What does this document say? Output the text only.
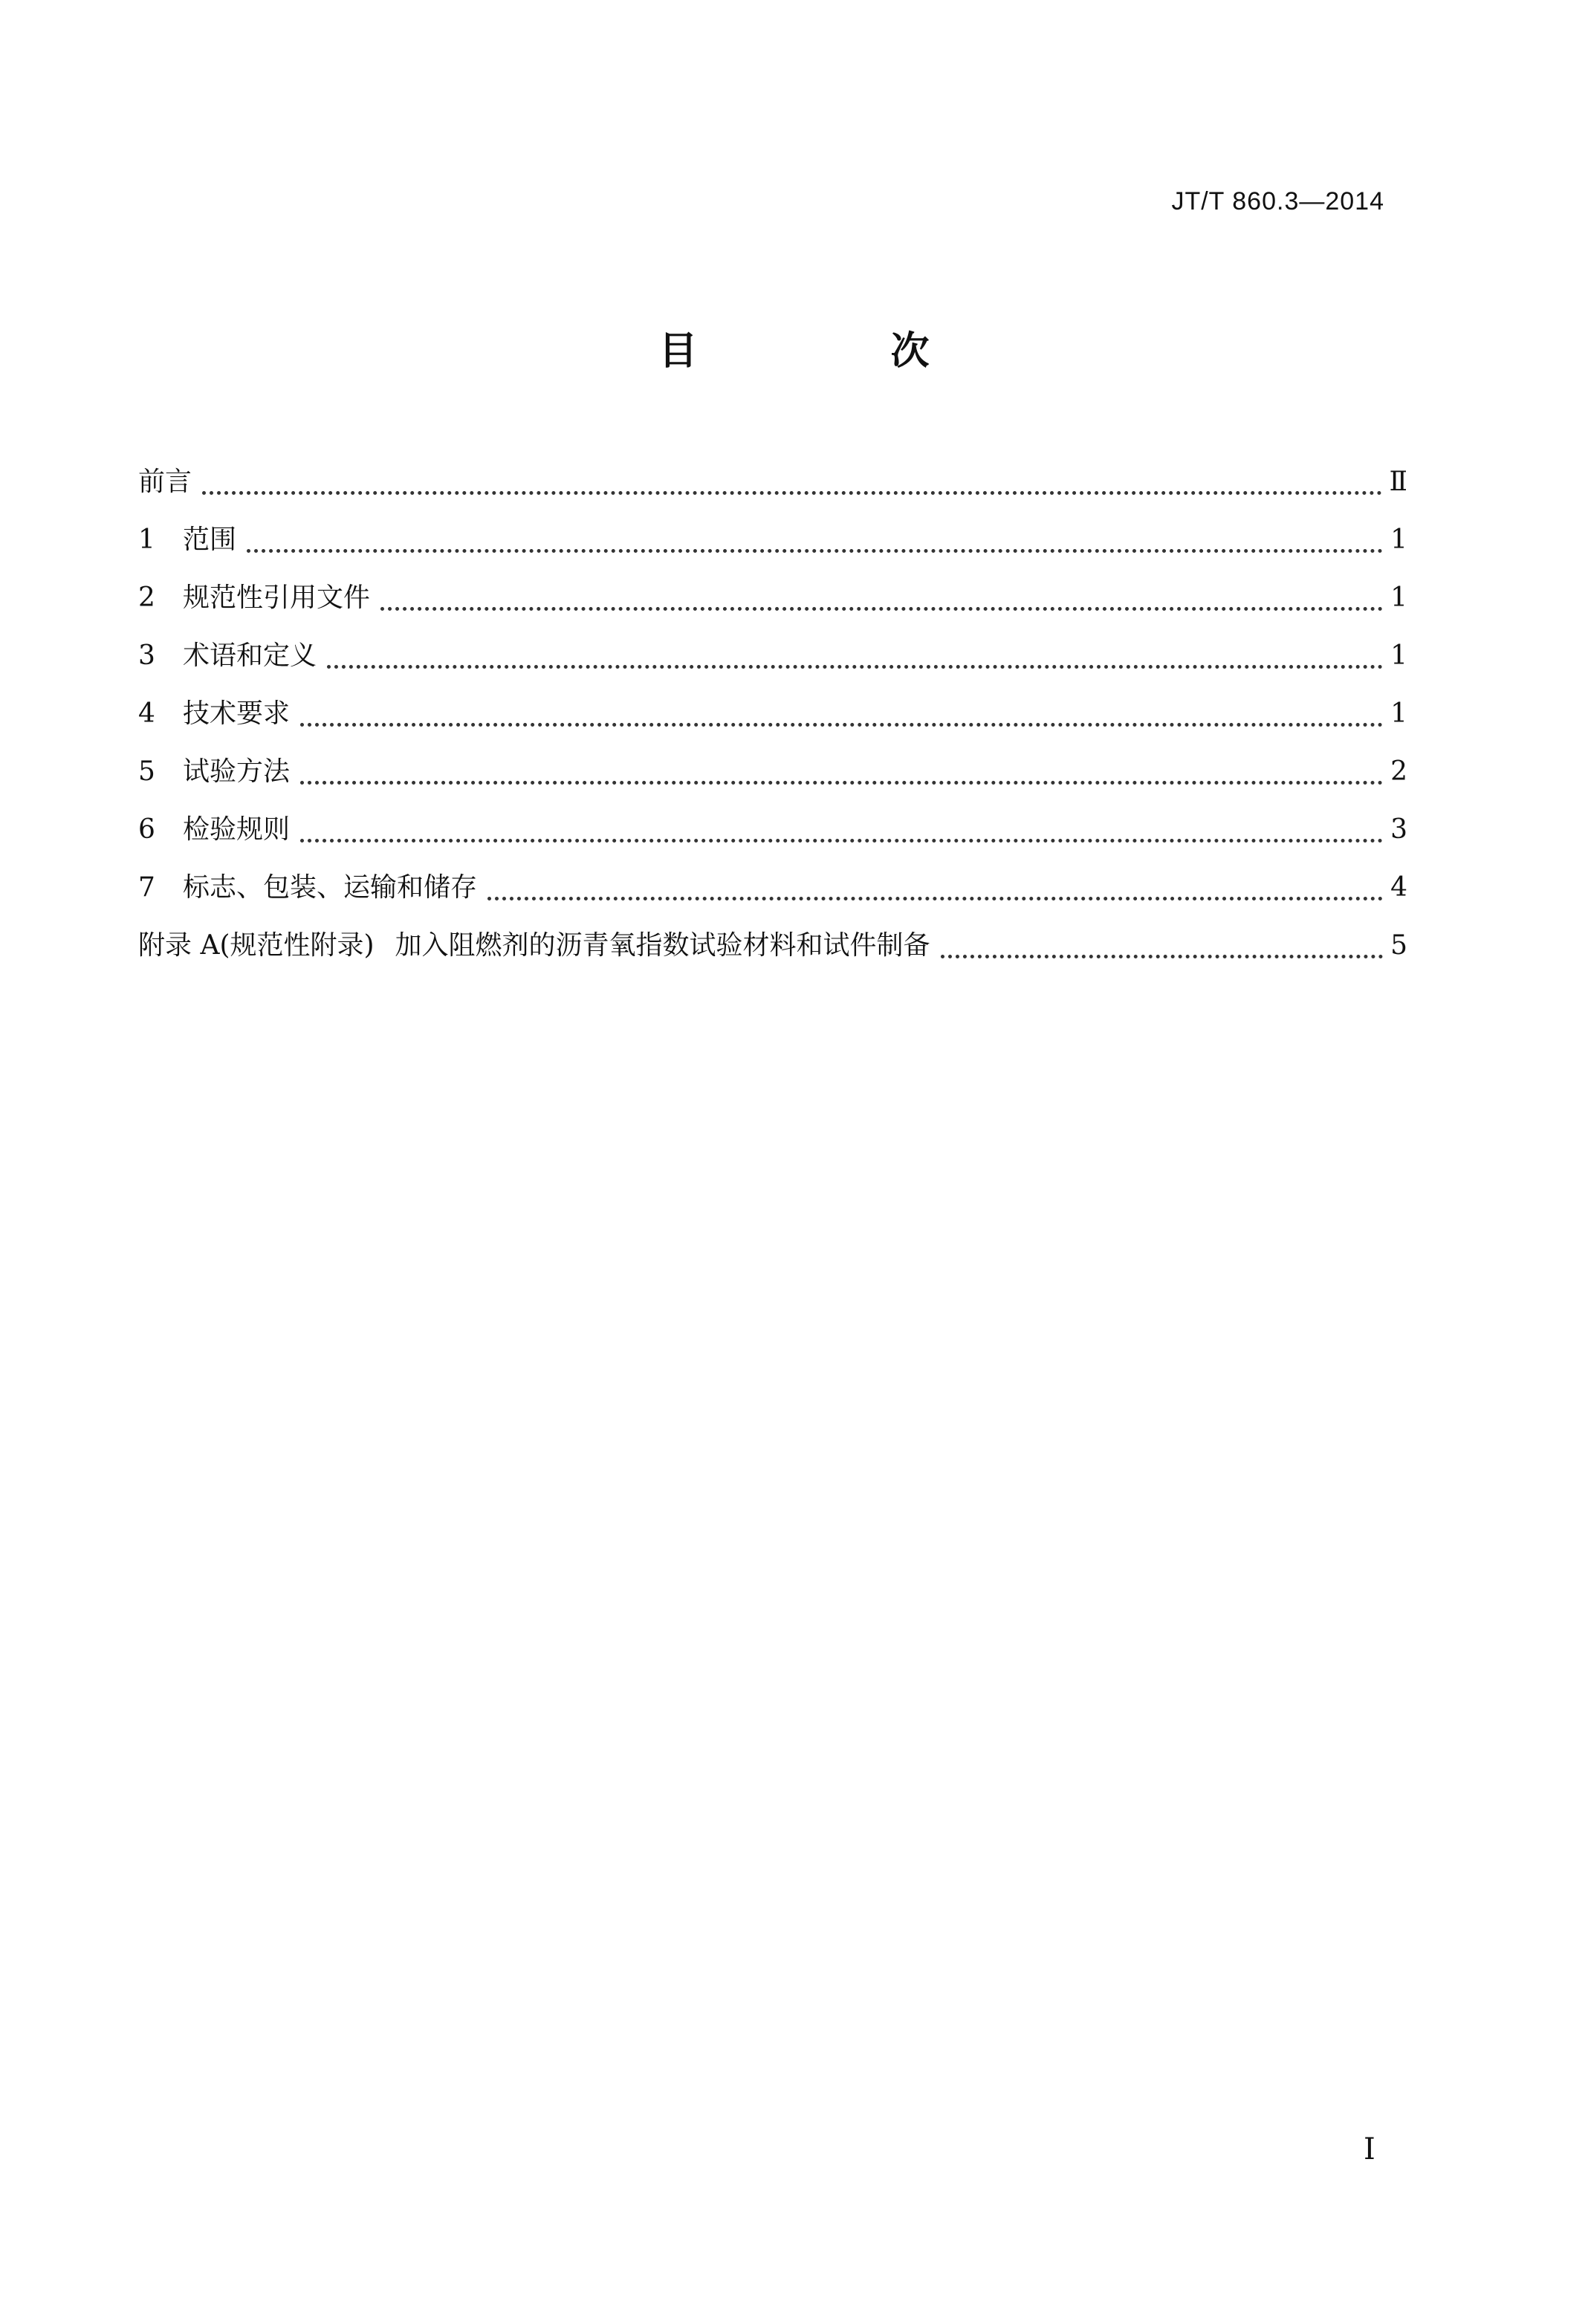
JT/T 860.3—2014
目　次
前言	Ⅱ
1	范围	1
2	规范性引用文件	1
3	术语和定义	1
4	技术要求	1
5	试验方法	2
6	检验规则	3
7	标志、包装、运输和储存	4
附录 A(规范性附录) 加入阻燃剂的沥青氧指数试验材料和试件制备	5
I
